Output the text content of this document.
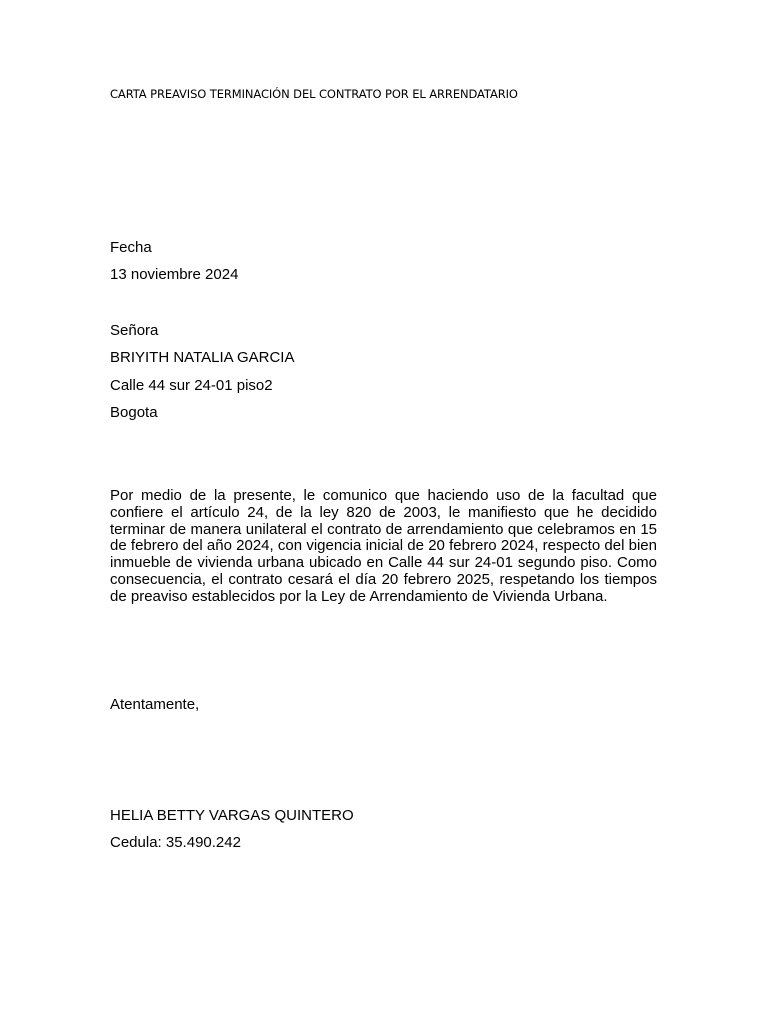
CARTA PREAVISO TERMINACIÓN DEL CONTRATO POR EL ARRENDATARIO
Fecha
13 noviembre 2024
Señora
BRIYITH NATALIA GARCIA
Calle 44 sur 24-01 piso2
Bogota
Por medio de la presente, le comunico que haciendo uso de la facultad que confiere el artículo 24, de la ley 820 de 2003, le manifiesto que he decidido terminar de manera unilateral el contrato de arrendamiento que celebramos en 15 de febrero del año 2024, con vigencia inicial de 20 febrero 2024, respecto del bien inmueble de vivienda urbana ubicado en Calle 44 sur 24-01 segundo piso. Como consecuencia, el contrato cesará el día 20 febrero 2025, respetando los tiempos de preaviso establecidos por la Ley de Arrendamiento de Vivienda Urbana.
Atentamente,
HELIA BETTY VARGAS QUINTERO
Cedula: 35.490.242
